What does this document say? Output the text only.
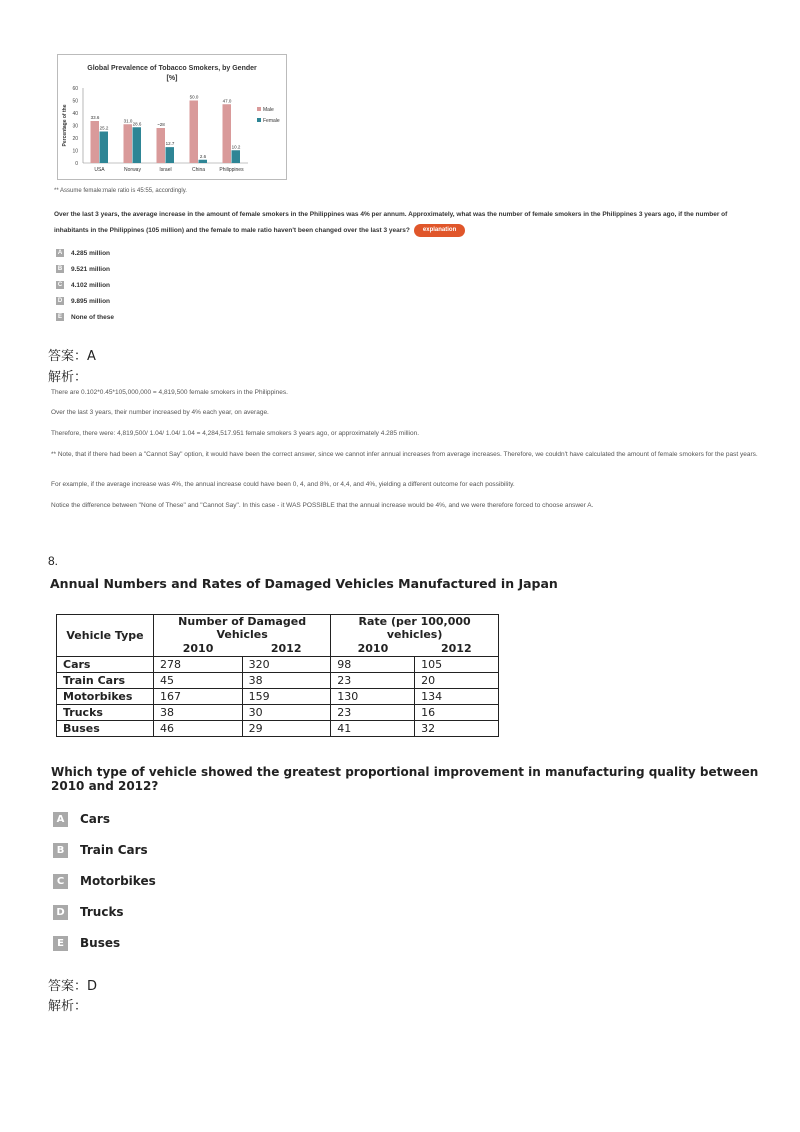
Global Prevalence of Tobacco Smokers, by Gender
[%]
0
10
20
30
40
50
60
Percentage of the	33.6
25.2
USA
31.0
28.6
Norway
~28
12.7
Israel
50.0
2.6
China
47.0
10.2
Philippines
Male
Female
** Assume female:male ratio is 45:55, accordingly.
Over the last 3 years, the average increase in the amount of female smokers in the Philippines was 4% per annum. Approximately, what was the number of female smokers in the Philippines 3 years ago, if the number of inhabitants in the Philippines (105 million) and the female to male ratio haven't been changed over the last 3 years? explanation
A 4.285 million
B 9.521 million
C 4.102 million
D 9.895 million
E	None of these
答案：A
解析：
There are 0.102*0.45*105,000,000 = 4,819,500 female smokers in the Philippines.
Over the last 3 years, their number increased by 4% each year, on average.
Therefore, there were: 4,819,500/ 1.04/ 1.04/ 1.04 = 4,284,517.951 female smokers 3 years ago, or approximately 4.285 million.
** Note, that if there had been a "Cannot Say" option, it would have been the correct answer, since we cannot infer annual increases from average increases. Therefore, we couldn't have calculated the amount of female smokers for the past years.
For example, if the average increase was 4%, the annual increase could have been 0, 4, and 8%, or 4,4, and 4%, yielding a different outcome for each possibility.
Notice the difference between "None of These" and "Cannot Say". In this case - it WAS POSSIBLE that the annual increase would be 4%, and we were therefore forced to choose answer A.
8.
Annual Numbers and Rates of Damaged Vehicles Manufactured in Japan
Vehicle Type	Number of Damaged Vehicles		Rate (per 100,000 vehicles)	
	2010	2012	2010	2012
Cars	278	320	98	105
Train Cars	45	38	23	20
Motorbikes	167	159	130	134
Trucks	38	30	23	16
Buses	46	29	41	32
Which type of vehicle showed the greatest proportional improvement in manufacturing quality between 2010 and 2012?
A	Cars
B	Train Cars
C	Motorbikes
D Trucks
E	Buses
答案：D
解析：
